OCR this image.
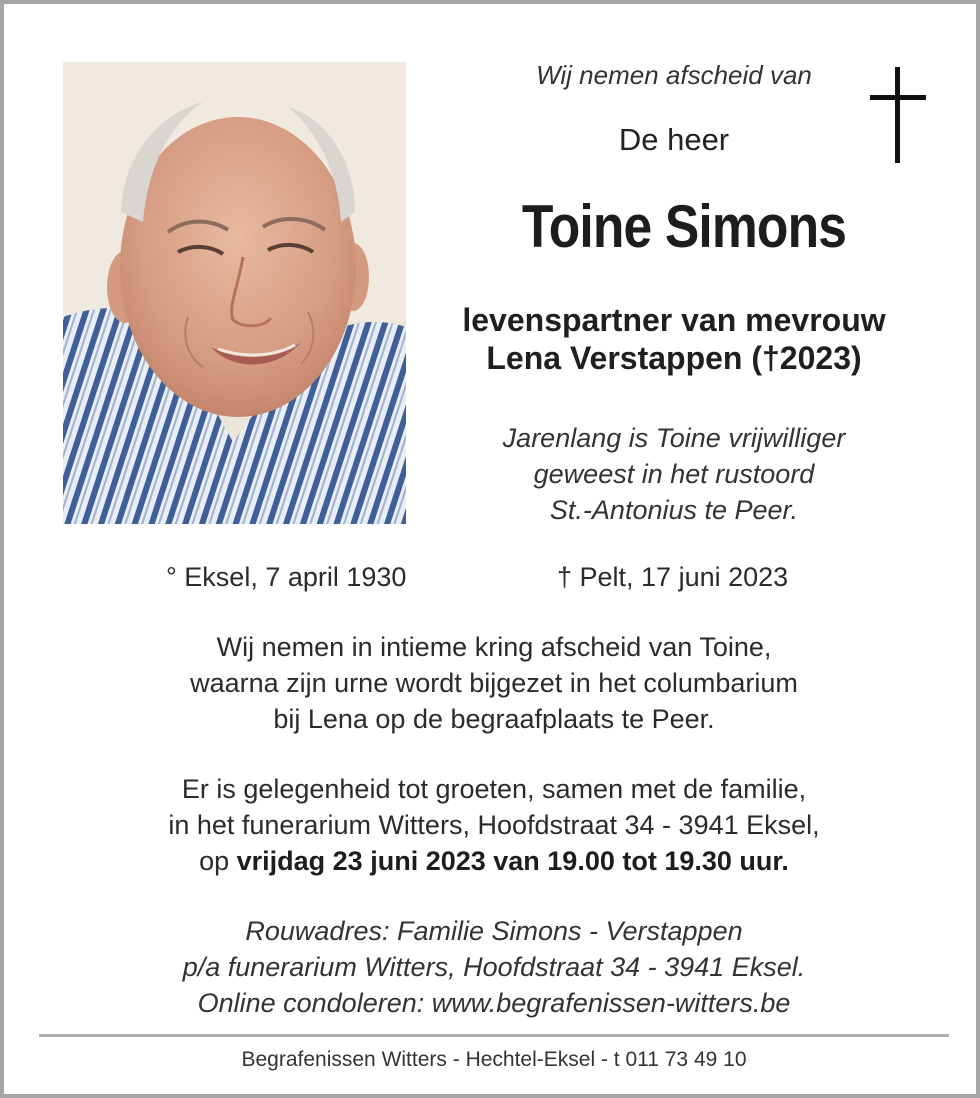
Wij nemen afscheid van
De heer
Toine Simons
levenspartner van mevrouw
Lena Verstappen (†2023)
Jarenlang is Toine vrijwilliger
geweest in het rustoord
St.-Antonius te Peer.
° Eksel, 7 april 1930	† Pelt, 17 juni 2023
Wij nemen in intieme kring afscheid van Toine,
waarna zijn urne wordt bijgezet in het columbarium
bij Lena op de begraafplaats te Peer.
Er is gelegenheid tot groeten, samen met de familie,
in het funerarium Witters, Hoofdstraat 34 - 3941 Eksel,
op vrijdag 23 juni 2023 van 19.00 tot 19.30 uur.
Rouwadres: Familie Simons - Verstappen
p/a funerarium Witters, Hoofdstraat 34 - 3941 Eksel.
Online condoleren: www.begrafenissen-witters.be
Begrafenissen Witters - Hechtel-Eksel - t 011 73 49 10
